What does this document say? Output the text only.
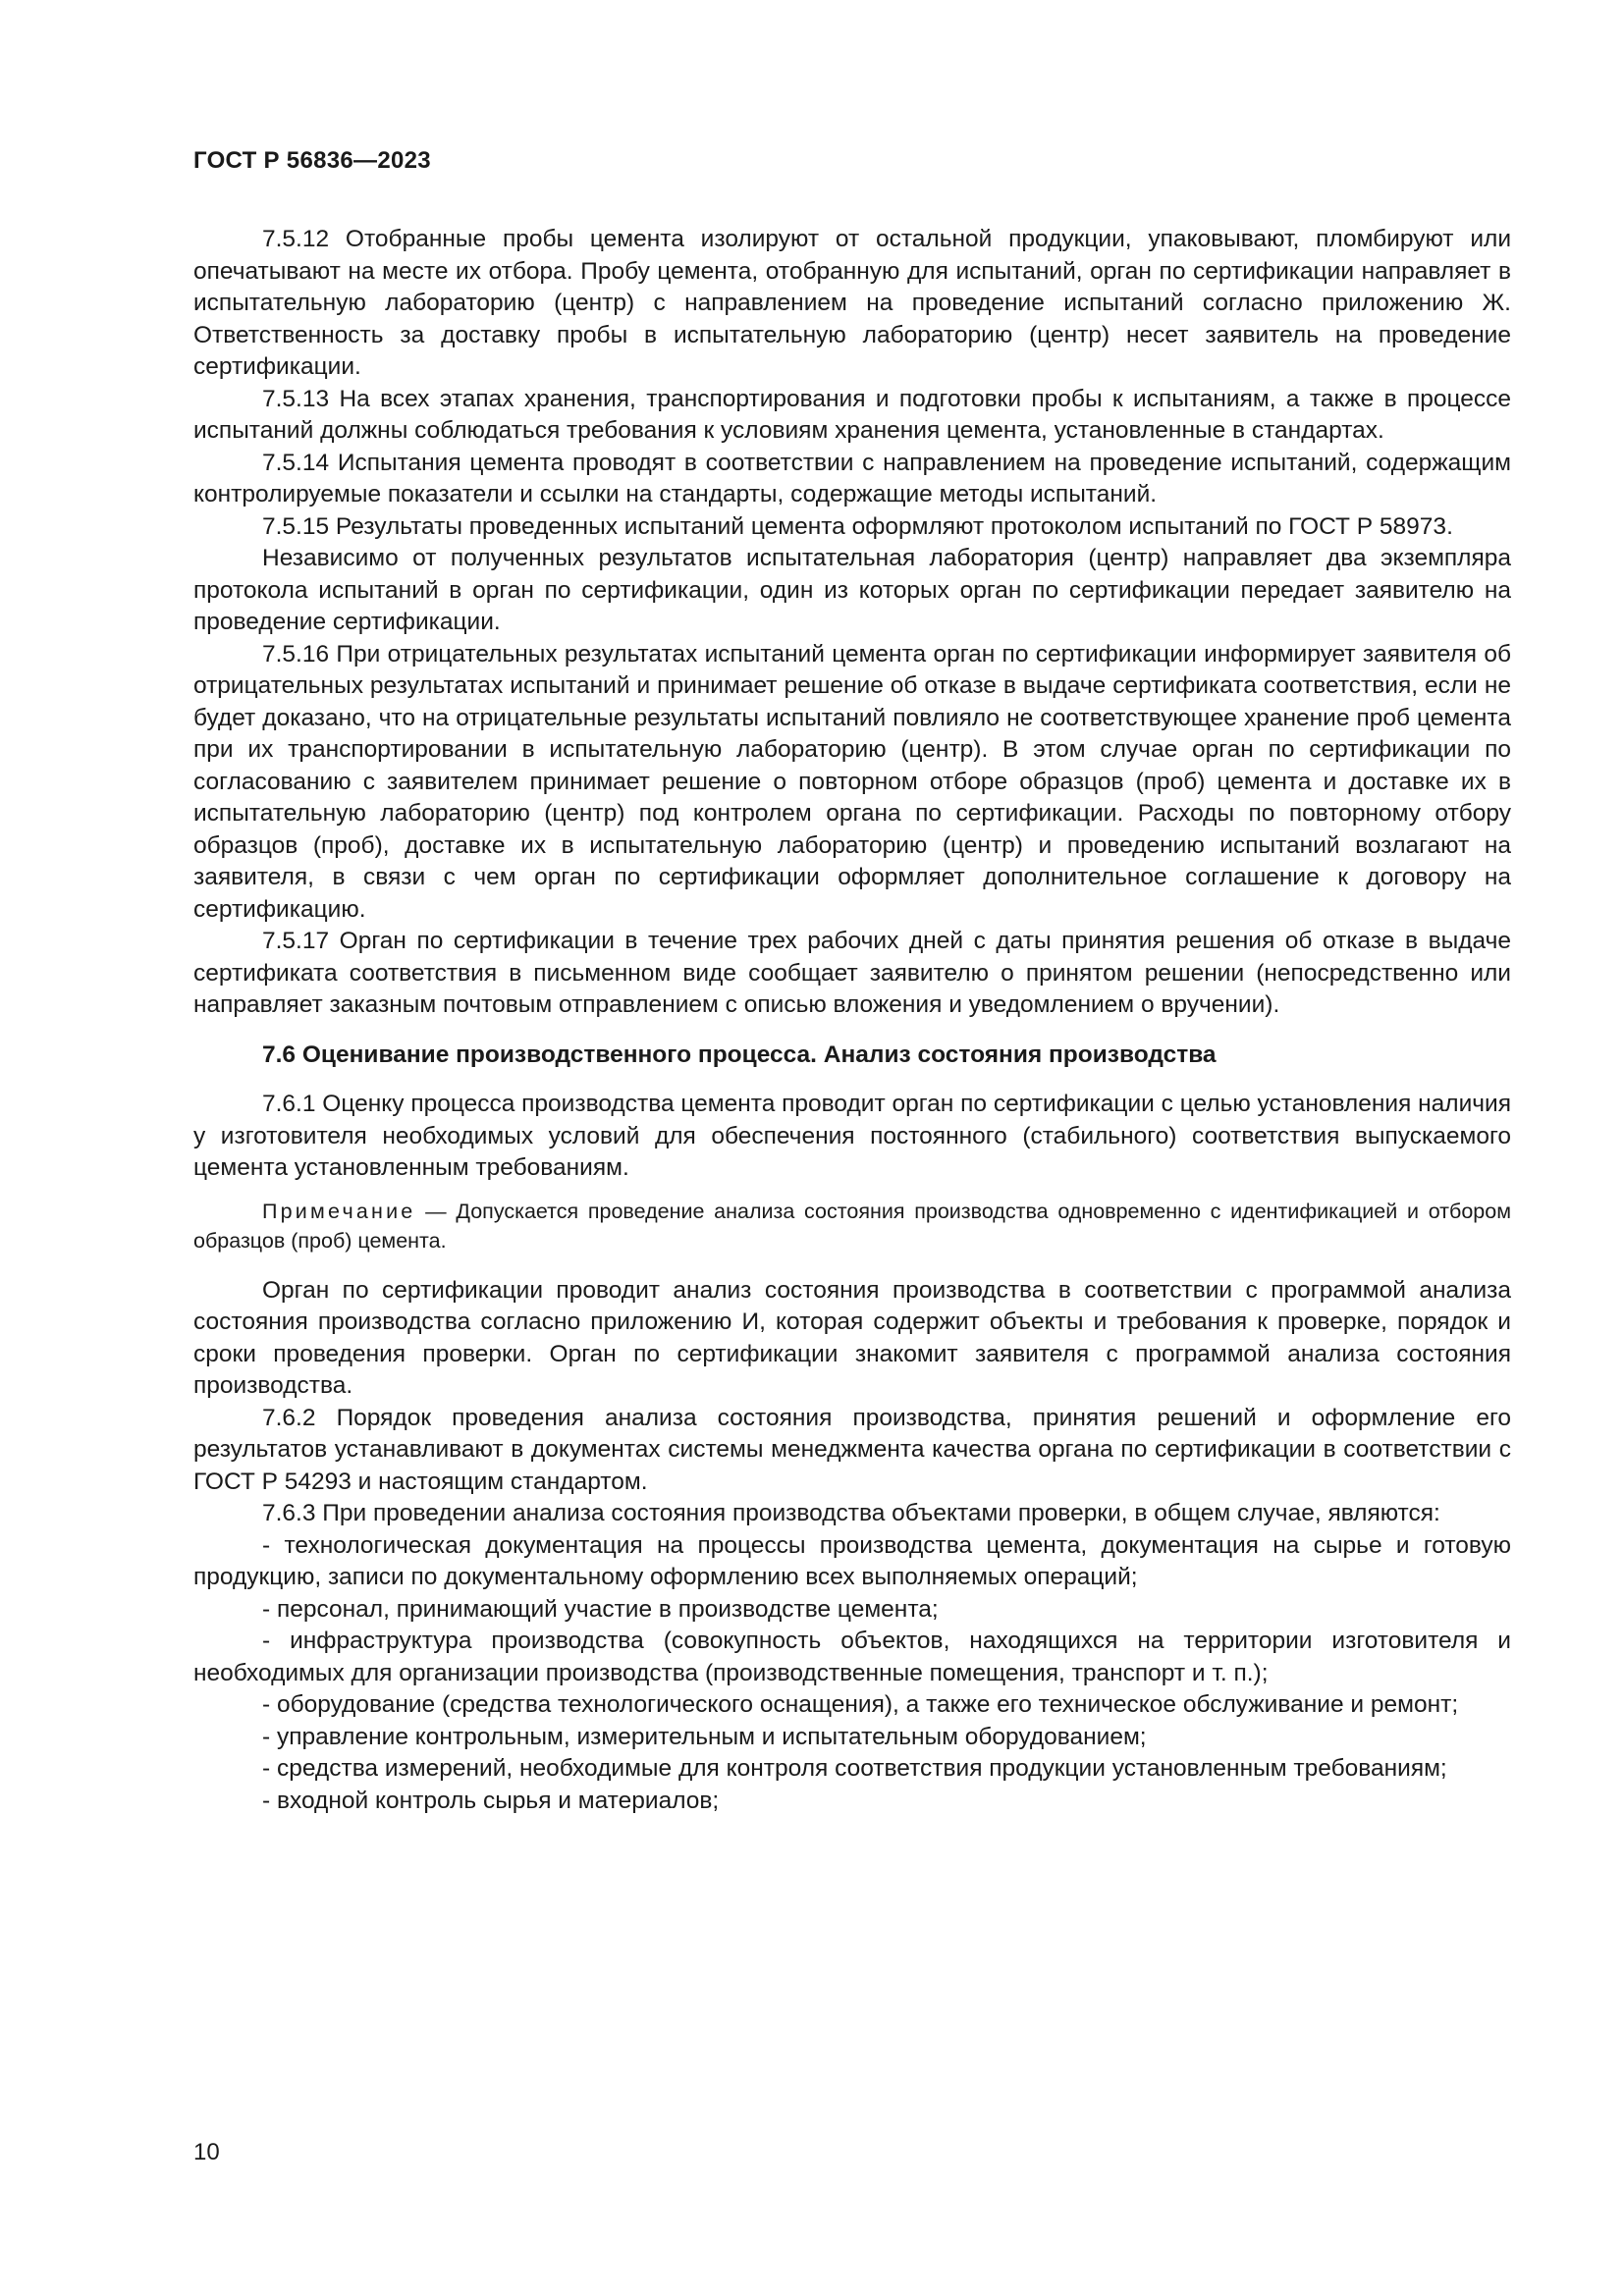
ГОСТ Р 56836—2023

7.5.12 Отобранные пробы цемента изолируют от остальной продукции, упаковывают, пломбируют или опечатывают на месте их отбора. Пробу цемента, отобранную для испытаний, орган по сертификации направляет в испытательную лабораторию (центр) с направлением на проведение испытаний согласно приложению Ж. Ответственность за доставку пробы в испытательную лабораторию (центр) несет заявитель на проведение сертификации.

7.5.13 На всех этапах хранения, транспортирования и подготовки пробы к испытаниям, а также в процессе испытаний должны соблюдаться требования к условиям хранения цемента, установленные в стандартах.

7.5.14 Испытания цемента проводят в соответствии с направлением на проведение испытаний, содержащим контролируемые показатели и ссылки на стандарты, содержащие методы испытаний.

7.5.15 Результаты проведенных испытаний цемента оформляют протоколом испытаний по ГОСТ Р 58973.

Независимо от полученных результатов испытательная лаборатория (центр) направляет два экземпляра протокола испытаний в орган по сертификации, один из которых орган по сертификации передает заявителю на проведение сертификации.

7.5.16 При отрицательных результатах испытаний цемента орган по сертификации информирует заявителя об отрицательных результатах испытаний и принимает решение об отказе в выдаче сертификата соответствия, если не будет доказано, что на отрицательные результаты испытаний повлияло не соответствующее хранение проб цемента при их транспортировании в испытательную лабораторию (центр). В этом случае орган по сертификации по согласованию с заявителем принимает решение о повторном отборе образцов (проб) цемента и доставке их в испытательную лабораторию (центр) под контролем органа по сертификации. Расходы по повторному отбору образцов (проб), доставке их в испытательную лабораторию (центр) и проведению испытаний возлагают на заявителя, в связи с чем орган по сертификации оформляет дополнительное соглашение к договору на сертификацию.

7.5.17 Орган по сертификации в течение трех рабочих дней с даты принятия решения об отказе в выдаче сертификата соответствия в письменном виде сообщает заявителю о принятом решении (непосредственно или направляет заказным почтовым отправлением с описью вложения и уведомлением о вручении).

7.6 Оценивание производственного процесса. Анализ состояния производства

7.6.1 Оценку процесса производства цемента проводит орган по сертификации с целью установления наличия у изготовителя необходимых условий для обеспечения постоянного (стабильного) соответствия выпускаемого цемента установленным требованиям.

Примечание — Допускается проведение анализа состояния производства одновременно с идентификацией и отбором образцов (проб) цемента.

Орган по сертификации проводит анализ состояния производства в соответствии с программой анализа состояния производства согласно приложению И, которая содержит объекты и требования к проверке, порядок и сроки проведения проверки. Орган по сертификации знакомит заявителя с программой анализа состояния производства.

7.6.2 Порядок проведения анализа состояния производства, принятия решений и оформление его результатов устанавливают в документах системы менеджмента качества органа по сертификации в соответствии с ГОСТ Р 54293 и настоящим стандартом.

7.6.3 При проведении анализа состояния производства объектами проверки, в общем случае, являются:

- технологическая документация на процессы производства цемента, документация на сырье и готовую продукцию, записи по документальному оформлению всех выполняемых операций;

- персонал, принимающий участие в производстве цемента;

- инфраструктура производства (совокупность объектов, находящихся на территории изготовителя и необходимых для организации производства (производственные помещения, транспорт и т. п.);

- оборудование (средства технологического оснащения), а также его техническое обслуживание и ремонт;

- управление контрольным, измерительным и испытательным оборудованием;

- средства измерений, необходимые для контроля соответствия продукции установленным требованиям;

- входной контроль сырья и материалов;

10
